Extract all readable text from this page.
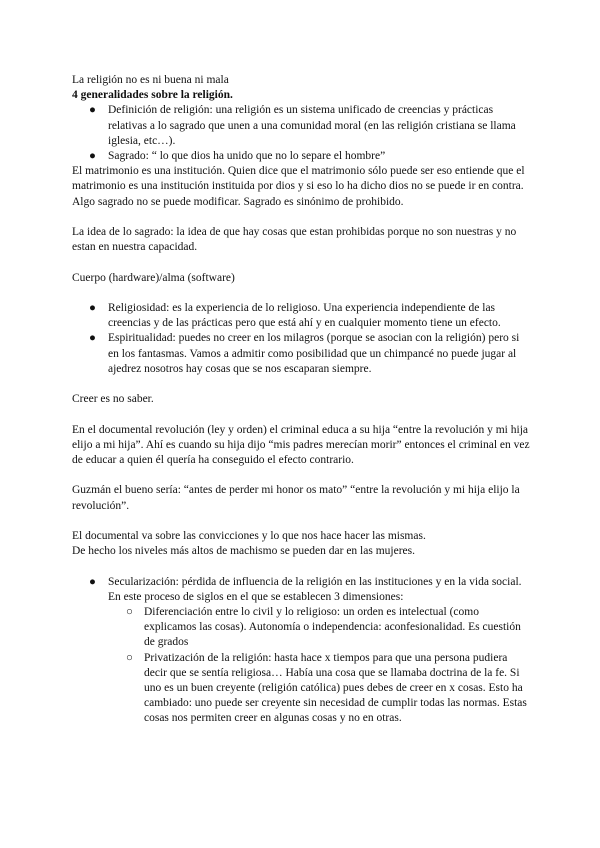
La religión no es ni buena ni mala

4 generalidades sobre la religión.

● Definición de religión: una religión es un sistema unificado de creencias y prácticas relativas a lo sagrado que unen a una comunidad moral (en las religión cristiana se llama iglesia, etc…).
● Sagrado: “ lo que dios ha unido que no lo separe el hombre”

El matrimonio es una institución. Quien dice que el matrimonio sólo puede ser eso entiende que el matrimonio es una institución instituida por dios y si eso lo ha dicho dios no se puede ir en contra.

Algo sagrado no se puede modificar. Sagrado es sinónimo de prohibido.

La idea de lo sagrado: la idea de que hay cosas que estan prohibidas porque no son nuestras y no estan en nuestra capacidad.

Cuerpo (hardware)/alma (software)

● Religiosidad: es la experiencia de lo religioso. Una experiencia independiente de las creencias y de las prácticas pero que está ahí y en cualquier momento tiene un efecto.
● Espiritualidad: puedes no creer en los milagros (porque se asocian con la religión) pero si en los fantasmas. Vamos a admitir como posibilidad que un chimpancé no puede jugar al ajedrez nosotros hay cosas que se nos escaparan siempre.

Creer es no saber.

En el documental revolución (ley y orden) el criminal educa a su hija “entre la revolución y mi hija elijo a mi hija”. Ahí es cuando su hija dijo “mis padres merecían morir” entonces el criminal en vez de educar a quien él quería ha conseguido el efecto contrario.

Guzmán el bueno sería: “antes de perder mi honor os mato” “entre la revolución y mi hija elijo la revolución”.

El documental va sobre las convicciones y lo que nos hace hacer las mismas.

De hecho los niveles más altos de machismo se pueden dar en las mujeres.

● Secularización: pérdida de influencia de la religión en las instituciones y en la vida social. En este proceso de siglos en el que se establecen 3 dimensiones:
○ Diferenciación entre lo civil y lo religioso: un orden es intelectual (como explicamos las cosas). Autonomía o independencia: aconfesionalidad. Es cuestión de grados
○ Privatización de la religión: hasta hace x tiempos para que una persona pudiera decir que se sentía religiosa… Había una cosa que se llamaba doctrina de la fe. Si uno es un buen creyente (religión católica) pues debes de creer en x cosas. Esto ha cambiado: uno puede ser creyente sin necesidad de cumplir todas las normas. Estas cosas nos permiten creer en algunas cosas y no en otras.
